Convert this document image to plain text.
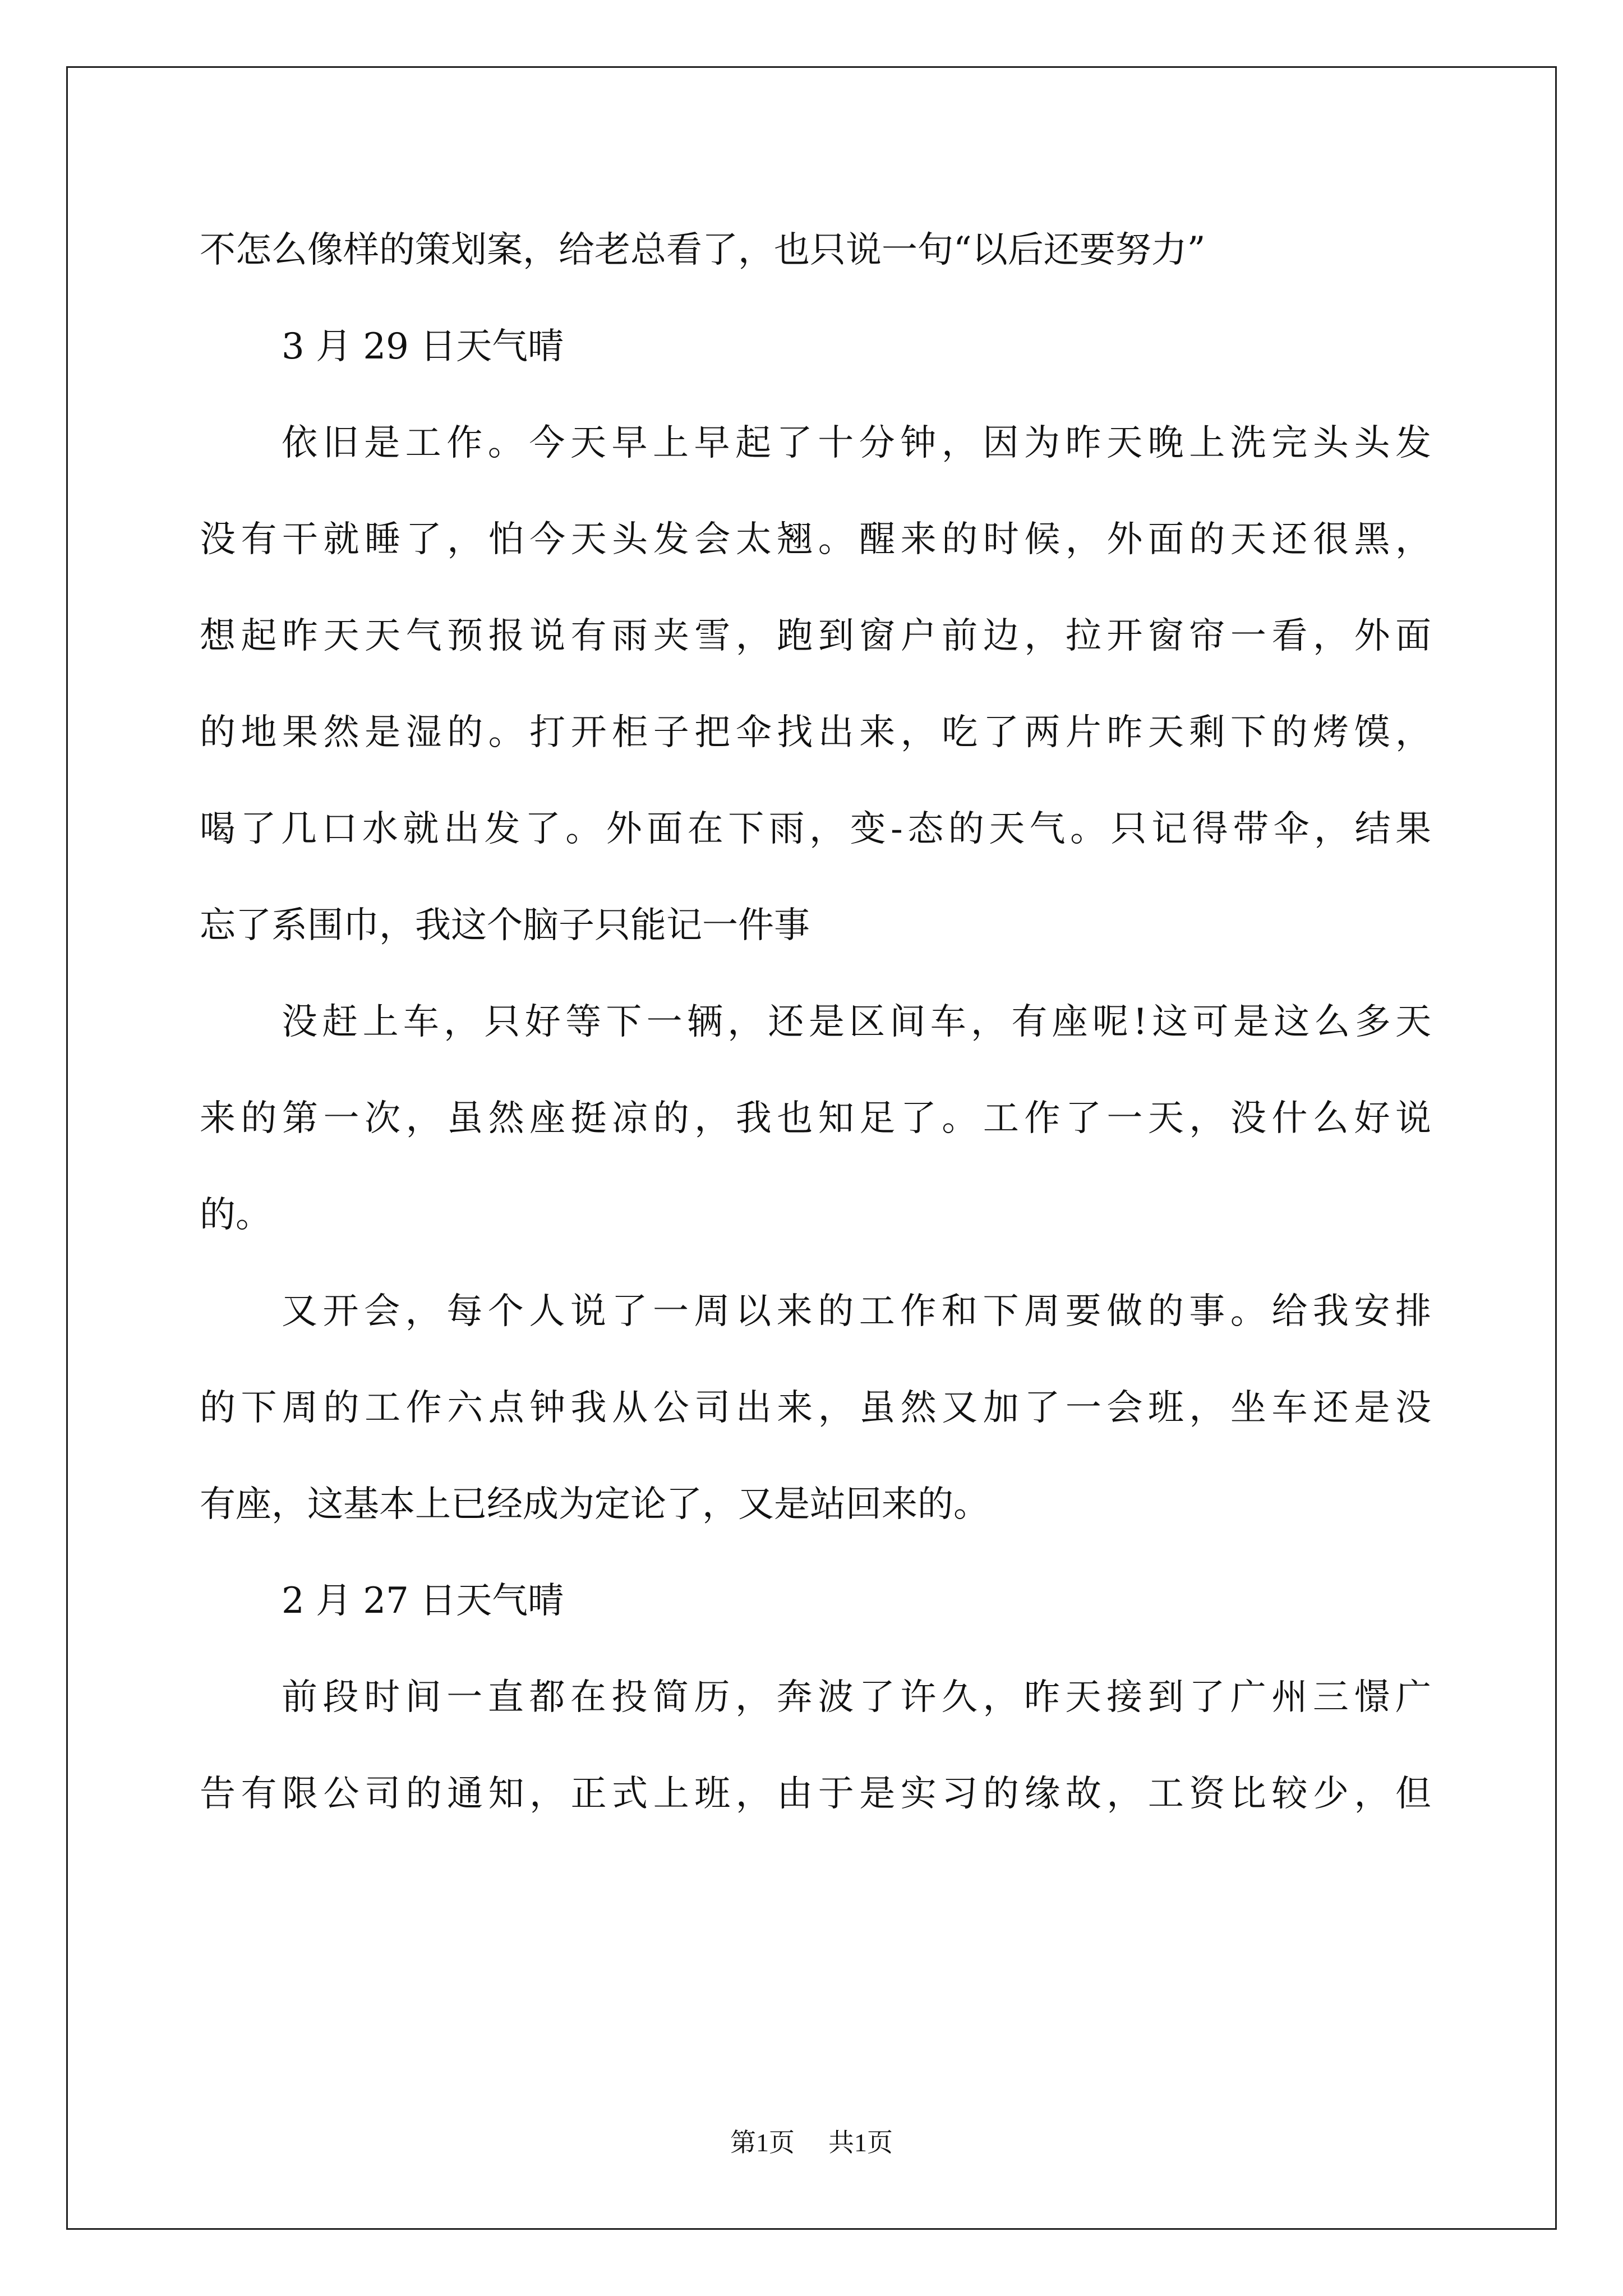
不怎么像样的策划案，给老总看了，也只说一句“以后还要努力”
3 月 29 日天气晴
依旧是工作。今天早上早起了十分钟，因为昨天晚上洗完头头发
没有干就睡了，怕今天头发会太翘。醒来的时候，外面的天还很黑，
想起昨天天气预报说有雨夹雪，跑到窗户前边，拉开窗帘一看，外面
的地果然是湿的。打开柜子把伞找出来，吃了两片昨天剩下的烤馍，
喝了几口水就出发了。外面在下雨，变-态的天气。只记得带伞，结果
忘了系围巾，我这个脑子只能记一件事
没赶上车，只好等下一辆，还是区间车，有座呢!这可是这么多天
来的第一次，虽然座挺凉的，我也知足了。工作了一天，没什么好说
的。
又开会，每个人说了一周以来的工作和下周要做的事。给我安排
的下周的工作六点钟我从公司出来，虽然又加了一会班，坐车还是没
有座，这基本上已经成为定论了，又是站回来的。
2 月 27 日天气晴
前段时间一直都在投简历，奔波了许久，昨天接到了广州三憬广
告有限公司的通知，正式上班，由于是实习的缘故，工资比较少，但
第1页 共1页
